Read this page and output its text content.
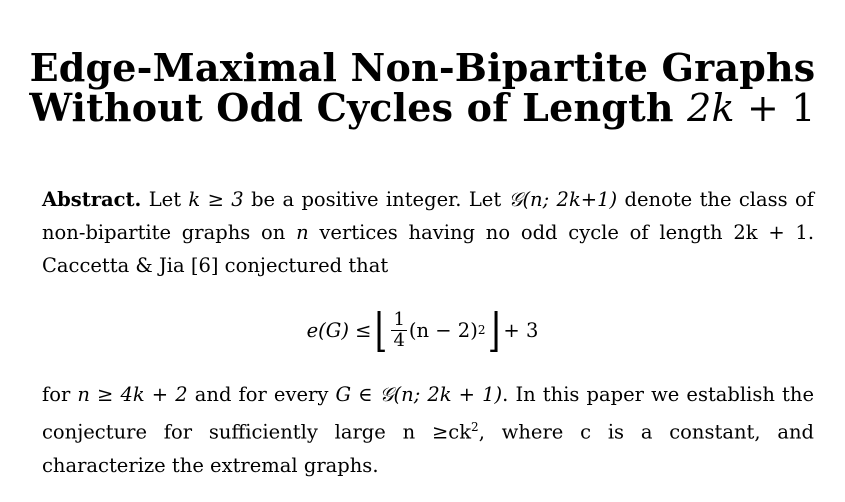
Edge-Maximal Non-Bipartite Graphs
Without Odd Cycles of Length 2k + 1
Abstract. Let k ≥ 3 be a positive integer. Let 𝒢(n; 2k+1) denote the class of non-bipartite graphs on n vertices having no odd cycle of length 2k + 1. Caccetta & Jia [6] conjectured that
e(G) ≤ ⌊ $\frac{1}{4} (n - 2)$ 2 ⌋ + 3
for n ≥ 4k + 2 and for every G ∈ 𝒢(n; 2k + 1). In this paper we establish the conjecture for sufficiently large $n \ge ck^2$, where c is a constant, and characterize the extremal graphs.
